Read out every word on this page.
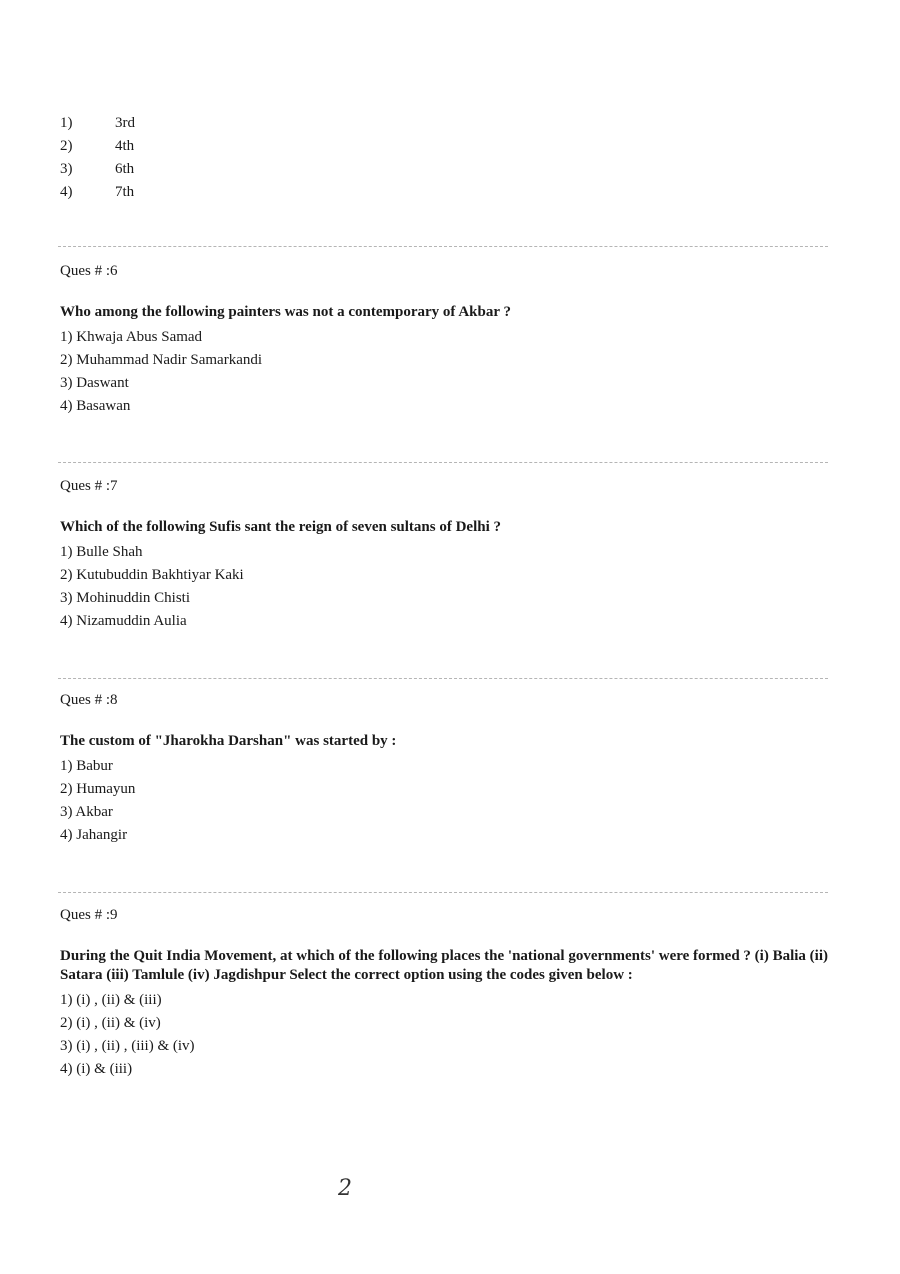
1)	3rd
2)	4th
3)	6th
4)	7th
Ques # :6
Who among the following painters was not a contemporary of Akbar ?
1) Khwaja Abus Samad
2) Muhammad Nadir Samarkandi
3) Daswant
4) Basawan
Ques # :7
Which of the following Sufis sant the reign of seven sultans of Delhi ?
1) Bulle Shah
2) Kutubuddin Bakhtiyar Kaki
3) Mohinuddin Chisti
4) Nizamuddin Aulia
Ques # :8
The custom of "Jharokha Darshan" was started by :
1) Babur
2) Humayun
3) Akbar
4) Jahangir
Ques # :9
During the Quit India Movement, at which of the following places the 'national governments' were formed ? (i) Balia (ii) Satara (iii) Tamlule (iv) Jagdishpur Select the correct option using the codes given below :
1) (i) , (ii) & (iii)
2) (i) , (ii) & (iv)
3) (i) , (ii) , (iii) & (iv)
4) (i) & (iii)
2
